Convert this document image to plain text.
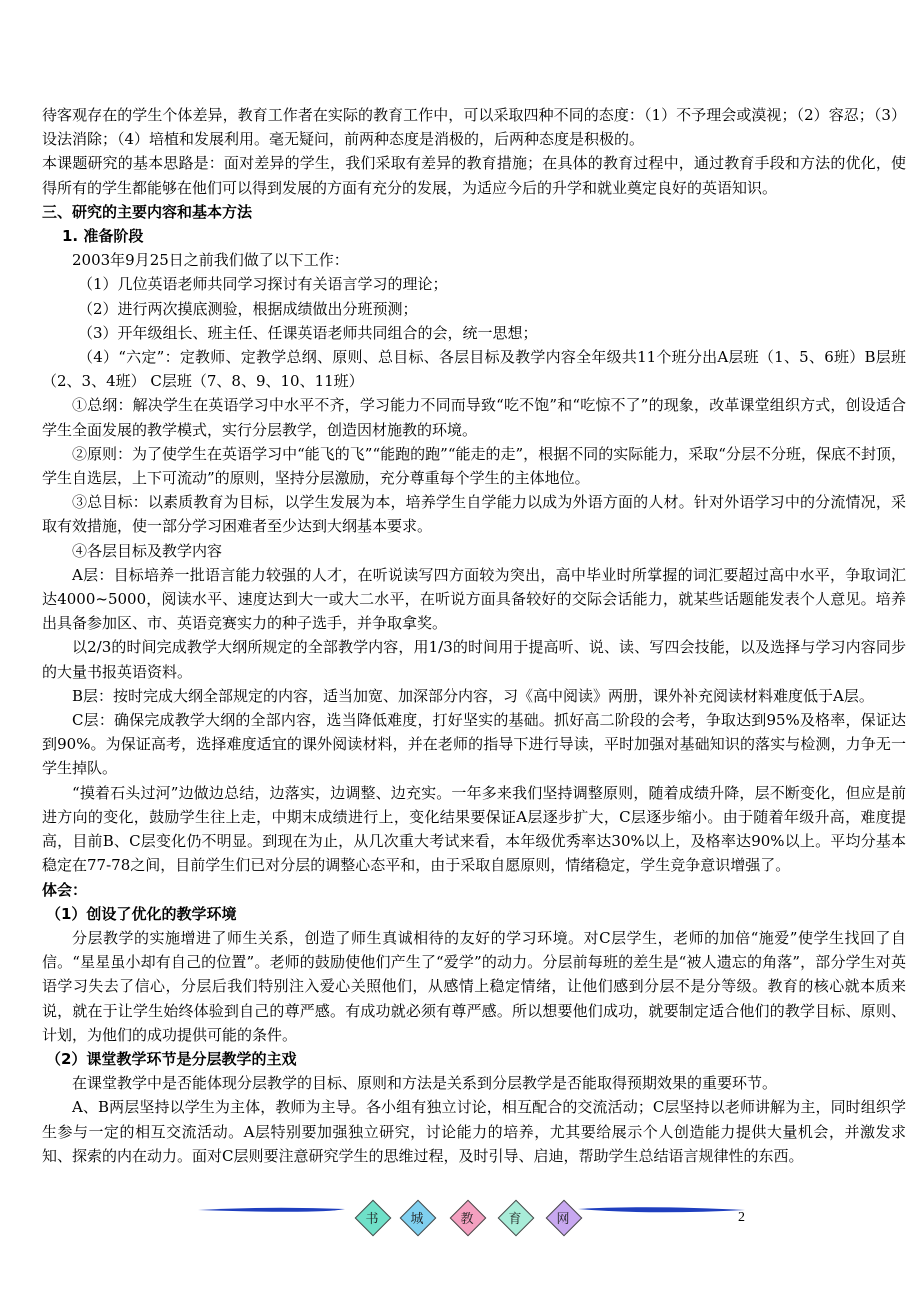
待客观存在的学生个体差异，教育工作者在实际的教育工作中，可以采取四种不同的态度：（1）不予理会或漠视；（2）容忍；（3）设法消除；（4）培植和发展利用。毫无疑问，前两种态度是消极的，后两种态度是积极的。

本课题研究的基本思路是：面对差异的学生，我们采取有差异的教育措施；在具体的教育过程中，通过教育手段和方法的优化，使得所有的学生都能够在他们可以得到发展的方面有充分的发展，为适应今后的升学和就业奠定良好的英语知识。

三、研究的主要内容和基本方法

1. 准备阶段

2003年9月25日之前我们做了以下工作：

（1）几位英语老师共同学习探讨有关语言学习的理论；

（2）进行两次摸底测验，根据成绩做出分班预测；

（3）开年级组长、班主任、任课英语老师共同组合的会，统一思想；

（4）“六定”：定教师、定教学总纲、原则、总目标、各层目标及教学内容全年级共11个班分出A层班（1、5、6班）B层班（2、3、4班） C层班（7、8、9、10、11班）

①总纲：解决学生在英语学习中水平不齐，学习能力不同而导致“吃不饱”和“吃惊不了”的现象，改革课堂组织方式，创设适合学生全面发展的教学模式，实行分层教学，创造因材施教的环境。

②原则：为了使学生在英语学习中“能飞的飞”“能跑的跑”“能走的走”，根据不同的实际能力，采取“分层不分班，保底不封顶，学生自选层，上下可流动”的原则，坚持分层激励，充分尊重每个学生的主体地位。

③总目标：以素质教育为目标，以学生发展为本，培养学生自学能力以成为外语方面的人材。针对外语学习中的分流情况，采取有效措施，使一部分学习困难者至少达到大纲基本要求。

④各层目标及教学内容

A层：目标培养一批语言能力较强的人才，在听说读写四方面较为突出，高中毕业时所掌握的词汇要超过高中水平，争取词汇达4000~5000，阅读水平、速度达到大一或大二水平，在听说方面具备较好的交际会话能力，就某些话题能发表个人意见。培养出具备参加区、市、英语竞赛实力的种子选手，并争取拿奖。

以2/3的时间完成教学大纲所规定的全部教学内容，用1/3的时间用于提高听、说、读、写四会技能，以及选择与学习内容同步的大量书报英语资料。

B层：按时完成大纲全部规定的内容，适当加宽、加深部分内容，习《高中阅读》两册，课外补充阅读材料难度低于A层。

C层：确保完成教学大纲的全部内容，选当降低难度，打好坚实的基础。抓好高二阶段的会考，争取达到95%及格率，保证达到90%。为保证高考，选择难度适宜的课外阅读材料，并在老师的指导下进行导读，平时加强对基础知识的落实与检测，力争无一学生掉队。

“摸着石头过河”边做边总结，边落实，边调整、边充实。一年多来我们坚持调整原则，随着成绩升降，层不断变化，但应是前进方向的变化，鼓励学生往上走，中期末成绩进行上，变化结果要保证A层逐步扩大，C层逐步缩小。由于随着年级升高，难度提高，目前B、C层变化仍不明显。到现在为止，从几次重大考试来看，本年级优秀率达30%以上，及格率达90%以上。平均分基本稳定在77-78之间，目前学生们已对分层的调整心态平和，由于采取自愿原则，情绪稳定，学生竞争意识增强了。

体会：

（1）创设了优化的教学环境

分层教学的实施增进了师生关系，创造了师生真诚相待的友好的学习环境。对C层学生，老师的加倍“施爱”使学生找回了自信。“星星虽小却有自己的位置”。老师的鼓励使他们产生了“爱学”的动力。分层前每班的差生是“被人遗忘的角落”，部分学生对英语学习失去了信心，分层后我们特别注入爱心关照他们，从感情上稳定情绪，让他们感到分层不是分等级。教育的核心就本质来说，就在于让学生始终体验到自己的尊严感。有成功就必须有尊严感。所以想要他们成功，就要制定适合他们的教学目标、原则、计划，为他们的成功提供可能的条件。

（2）课堂教学环节是分层教学的主戏

在课堂教学中是否能体现分层教学的目标、原则和方法是关系到分层教学是否能取得预期效果的重要环节。

A、B两层坚持以学生为主体，教师为主导。各小组有独立讨论，相互配合的交流活动；C层坚持以老师讲解为主，同时组织学生参与一定的相互交流活动。A层特别要加强独立研究，讨论能力的培养，尤其要给展示个人创造能力提供大量机会，并激发求知、探索的内在动力。面对C层则要注意研究学生的思维过程，及时引导、启迪，帮助学生总结语言规律性的东西。

书 城	教	育	网	2
